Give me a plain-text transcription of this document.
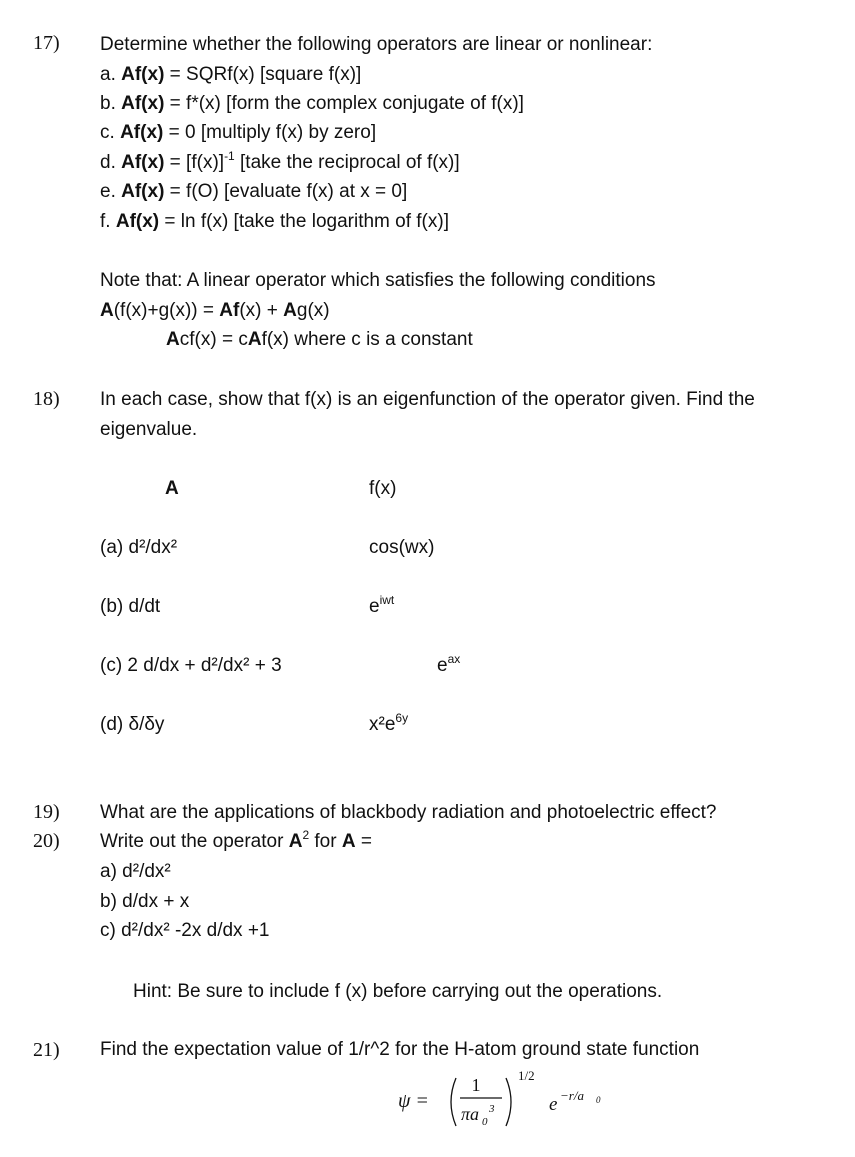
17) Determine whether the following operators are linear or nonlinear:
a. Af(x) = SQRf(x) [square f(x)]
b. Af(x) = f*(x) [form the complex conjugate of f(x)]
c. Af(x) = 0 [multiply f(x) by zero]
d. $Af(x) = [f(x)]^{-1}$ [take the reciprocal of f(x)]
e. Af(x) = f(O) [evaluate f(x) at x = 0]
f. Af(x) = ln f(x) [take the logarithm of f(x)]
Note that: A linear operator which satisfies the following conditions
A(f(x)+g(x)) = Af(x) + Ag(x)
Acf(x) = cAf(x) where c is a constant
18) In each case, show that f(x) is an eigenfunction of the operator given. Find the
eigenvalue.
A	f(x)
(a) d²/dx²	cos(wx)
(b) d/dt	$e^{iwt}$
(c) 2 d/dx + d²/dx² + 3	$e^{ax}$
(d) δ/δy	$x^2e^{6y}$
19) What are the applications of blackbody radiation and photoelectric effect?
20) Write out the operator $A^2$ for A =
a) d²/dx²
b) d/dx + x
c) d²/dx² -2x d/dx +1
Hint: Be sure to include f (x) before carrying out the operations.
21) Find the expectation value of 1/r^2 for the H-atom ground state function
ψ =
1
πa 0
3
1/2
e −r/a 0
